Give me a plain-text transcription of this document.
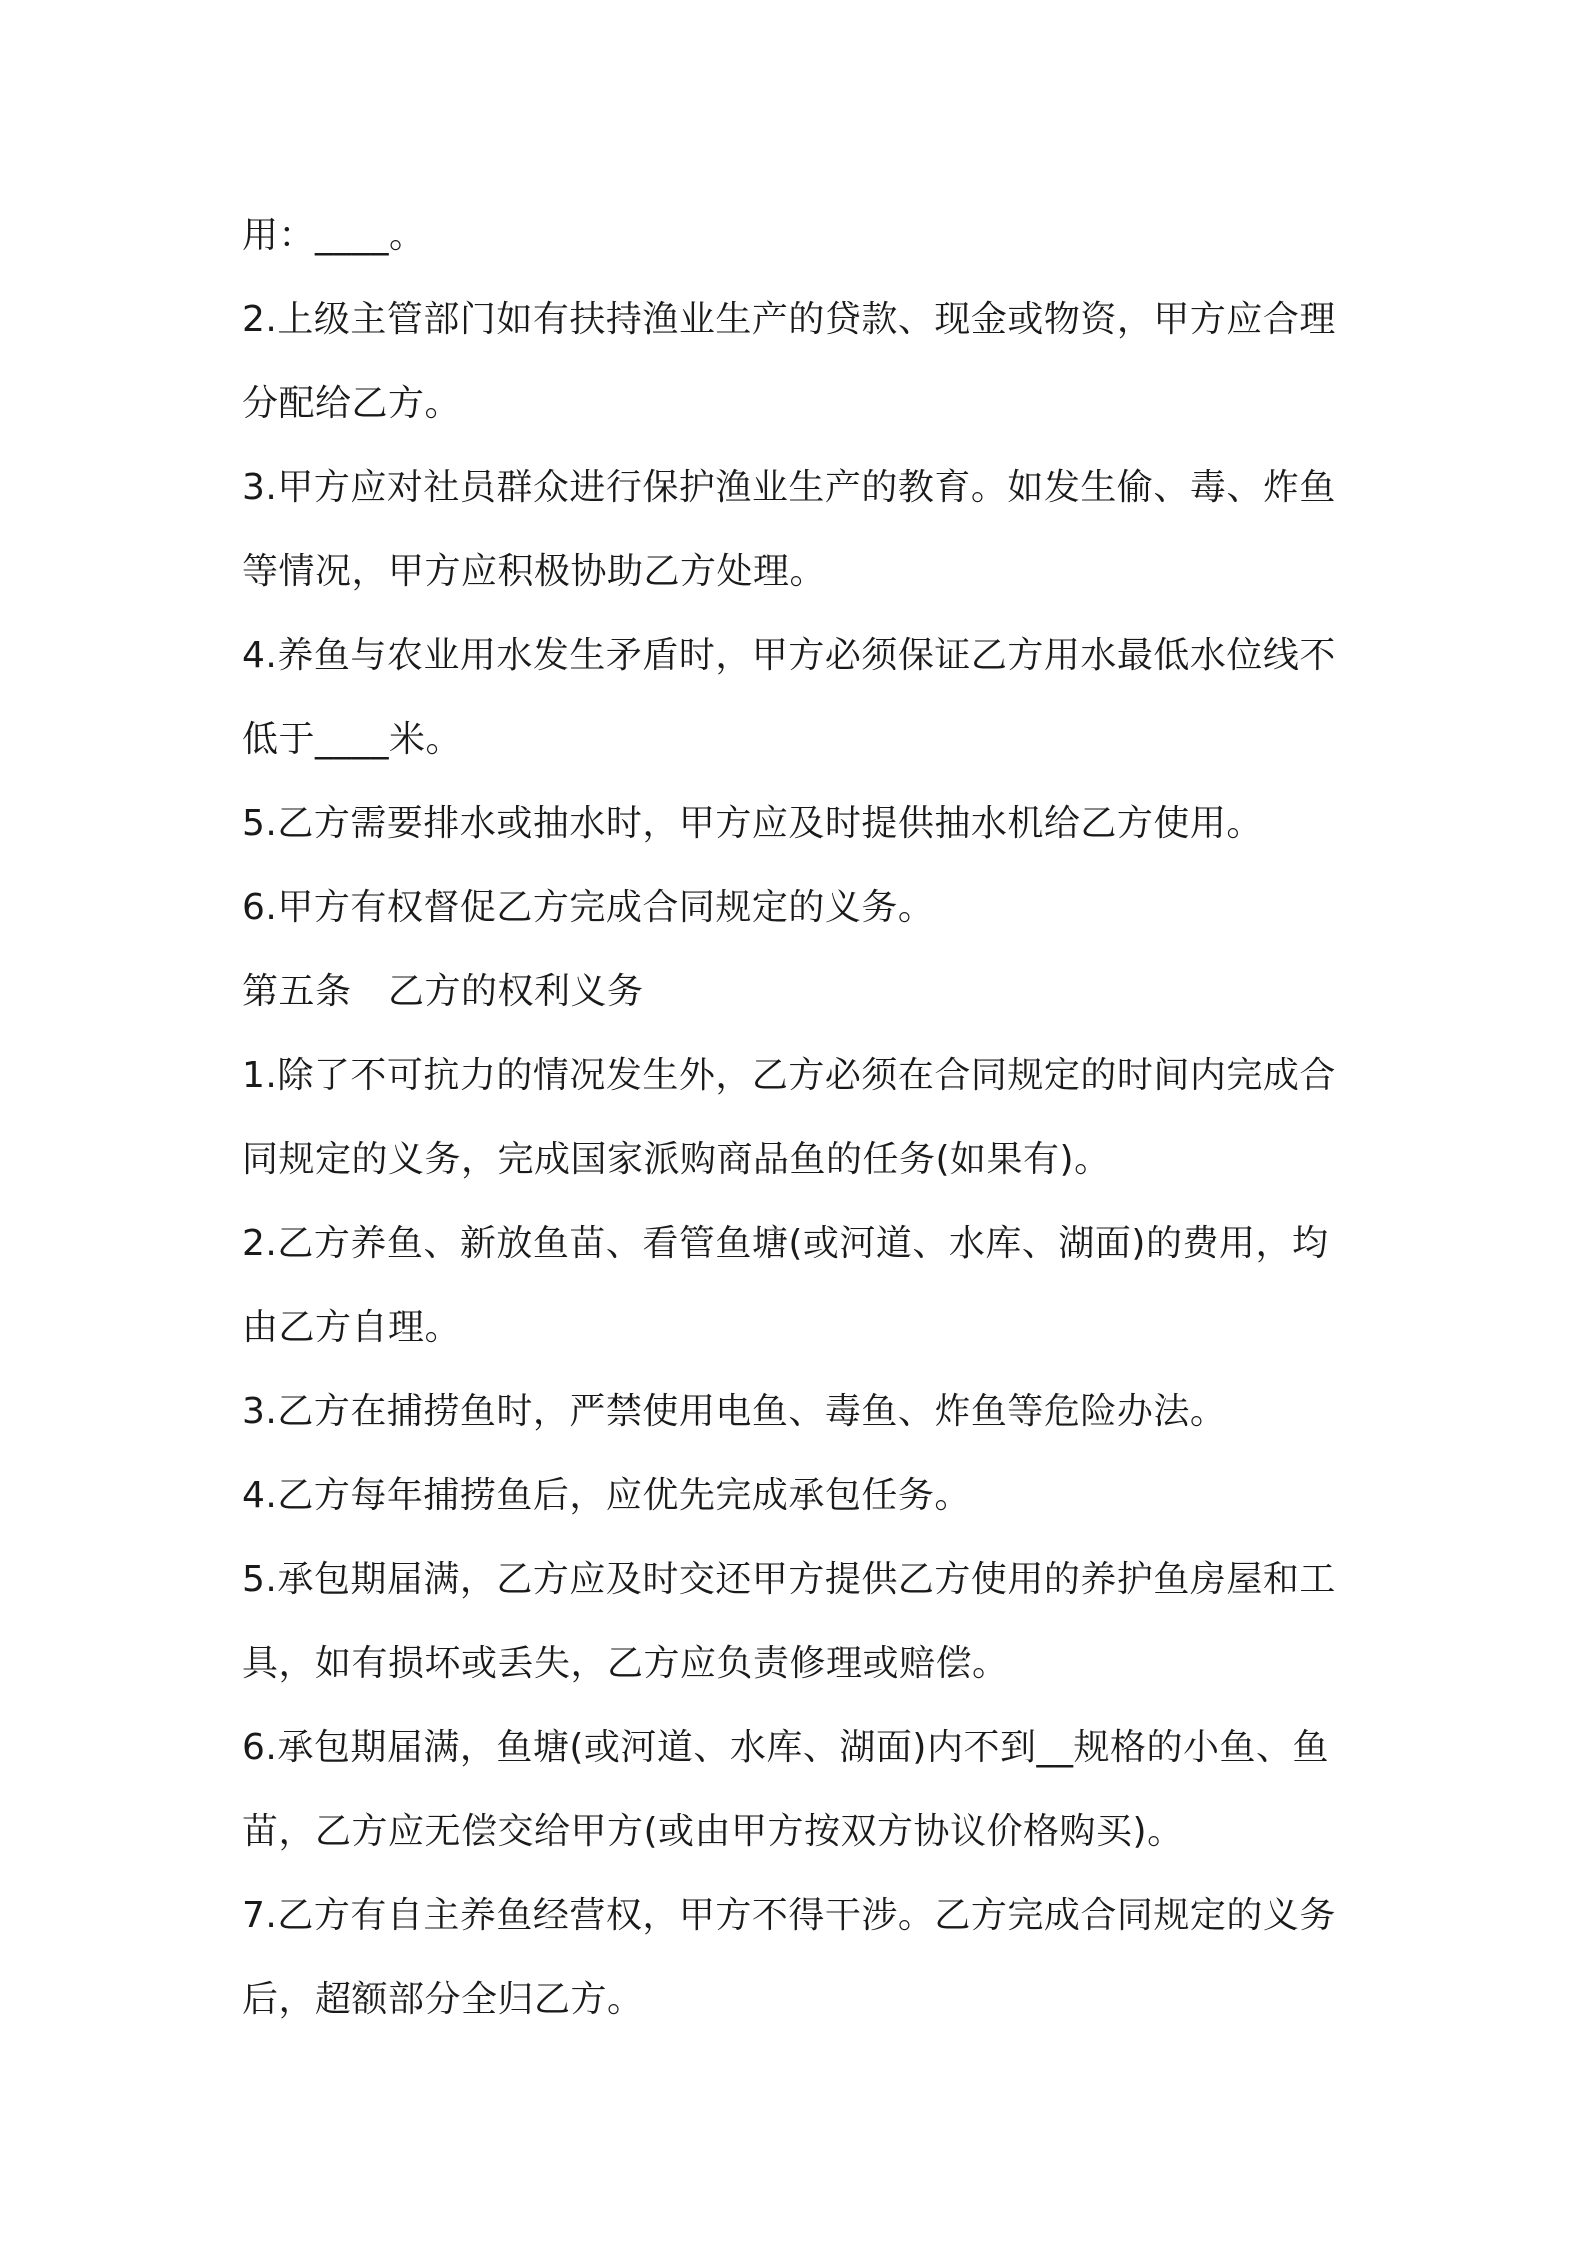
用：____。
2.上级主管部门如有扶持渔业生产的贷款、现金或物资，甲方应合理
分配给乙方。
3.甲方应对社员群众进行保护渔业生产的教育。如发生偷、毒、炸鱼
等情况，甲方应积极协助乙方处理。
4.养鱼与农业用水发生矛盾时，甲方必须保证乙方用水最低水位线不
低于____米。
5.乙方需要排水或抽水时，甲方应及时提供抽水机给乙方使用。
6.甲方有权督促乙方完成合同规定的义务。
第五条　乙方的权利义务
1.除了不可抗力的情况发生外，乙方必须在合同规定的时间内完成合
同规定的义务，完成国家派购商品鱼的任务(如果有)。
2.乙方养鱼、新放鱼苗、看管鱼塘(或河道、水库、湖面)的费用，均
由乙方自理。
3.乙方在捕捞鱼时，严禁使用电鱼、毒鱼、炸鱼等危险办法。
4.乙方每年捕捞鱼后，应优先完成承包任务。
5.承包期届满，乙方应及时交还甲方提供乙方使用的养护鱼房屋和工
具，如有损坏或丢失，乙方应负责修理或赔偿。
6.承包期届满，鱼塘(或河道、水库、湖面)内不到__规格的小鱼、鱼
苗，乙方应无偿交给甲方(或由甲方按双方协议价格购买)。
7.乙方有自主养鱼经营权，甲方不得干涉。乙方完成合同规定的义务
后，超额部分全归乙方。
